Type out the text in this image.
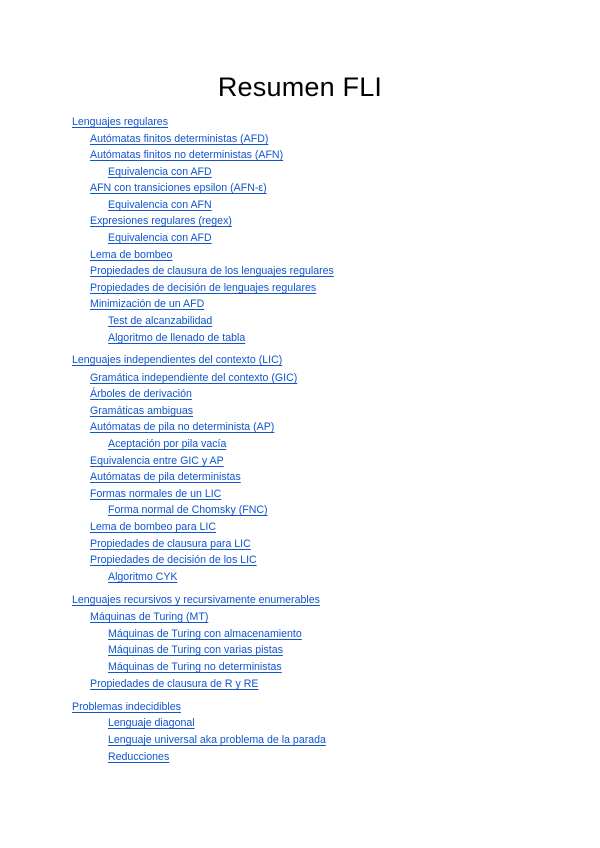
Resumen FLI
Lenguajes regulares
Autómatas finitos deterministas (AFD)
Autómatas finitos no deterministas (AFN)
Equivalencia con AFD
AFN con transiciones epsilon (AFN-ε)
Equivalencia con AFN
Expresiones regulares (regex)
Equivalencia con AFD
Lema de bombeo
Propiedades de clausura de los lenguajes regulares
Propiedades de decisión de lenguajes regulares
Minimización de un AFD
Test de alcanzabilidad
Algoritmo de llenado de tabla
Lenguajes independientes del contexto (LIC)
Gramática independiente del contexto (GIC)
Árboles de derivación
Gramáticas ambiguas
Autómatas de pila no determinista (AP)
Aceptación por pila vacía
Equivalencia entre GIC y AP
Autómatas de pila deterministas
Formas normales de un LIC
Forma normal de Chomsky (FNC)
Lema de bombeo para LIC
Propiedades de clausura para LIC
Propiedades de decisión de los LIC
Algoritmo CYK
Lenguajes recursivos y recursivamente enumerables
Máquinas de Turing (MT)
Máquinas de Turing con almacenamiento
Máquinas de Turing con varias pistas
Máquinas de Turing no deterministas
Propiedades de clausura de R y RE
Problemas indecidibles
Lenguaje diagonal
Lenguaje universal aka problema de la parada
Reducciones
